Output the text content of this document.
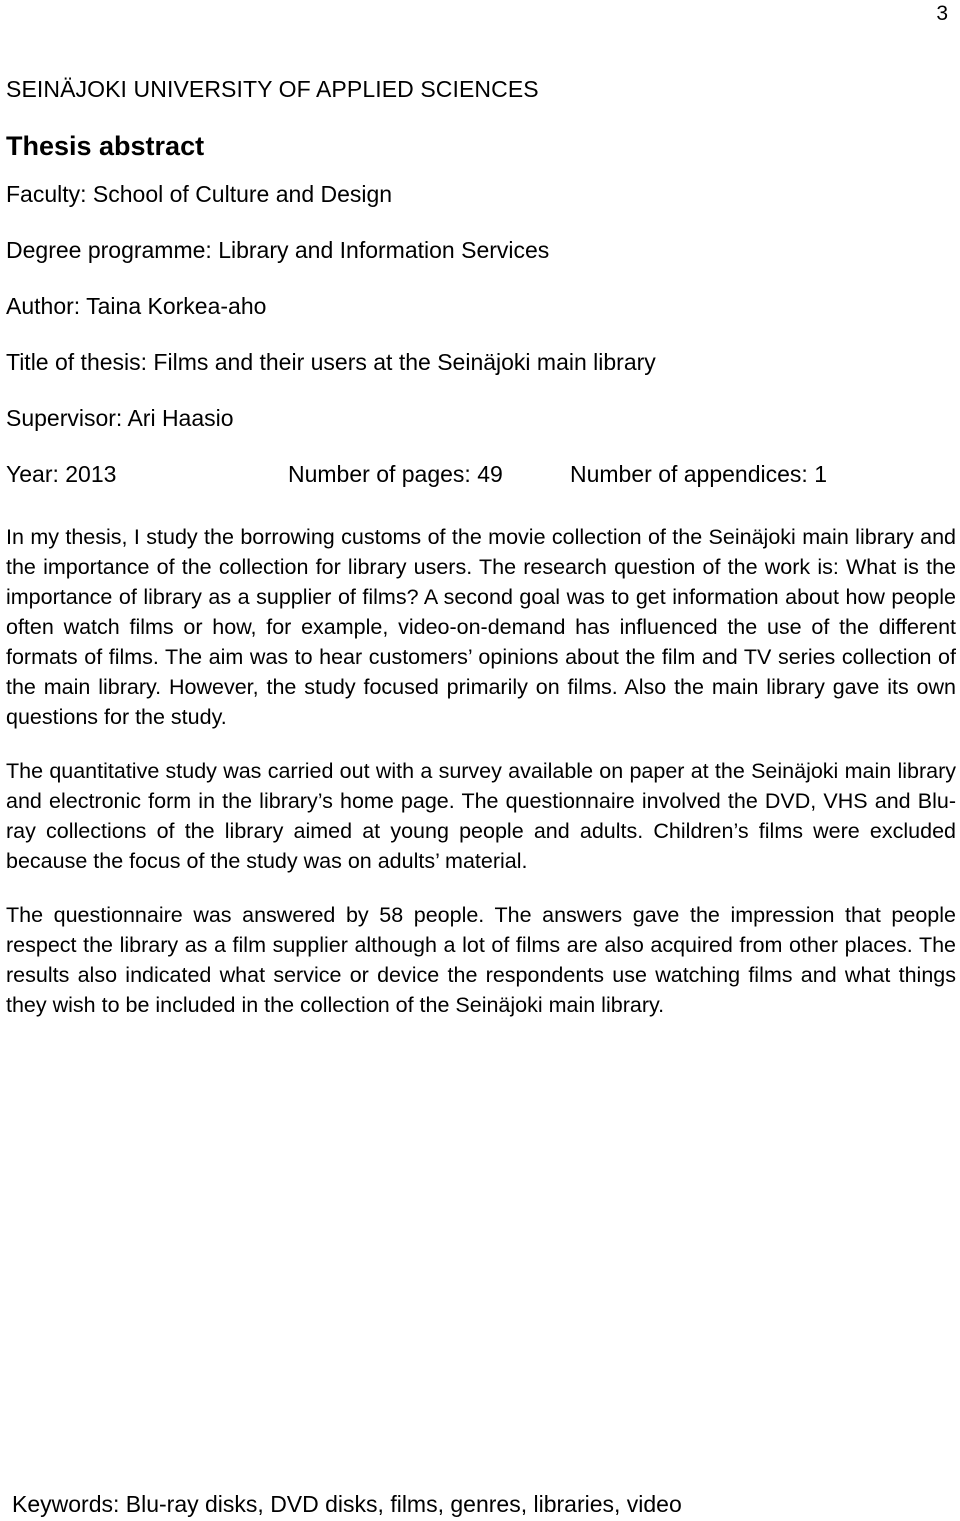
3

SEINÄJOKI UNIVERSITY OF APPLIED SCIENCES

Thesis abstract

Faculty: School of Culture and Design

Degree programme: Library and Information Services

Author: Taina Korkea-aho

Title of thesis: Films and their users at the Seinäjoki main library

Supervisor: Ari Haasio

Year: 2013	Number of pages: 49	Number of appendices: 1

In my thesis, I study the borrowing customs of the movie collection of the Seinäjoki main library and the importance of the collection for library users. The research question of the work is: What is the importance of library as a supplier of films? A second goal was to get information about how people often watch films or how, for example, video-on-demand has influenced the use of the different formats of films. The aim was to hear customers’ opinions about the film and TV series collection of the main library. However, the study focused primarily on films. Also the main library gave its own questions for the study.

The quantitative study was carried out with a survey available on paper at the Seinäjoki main library and electronic form in the library’s home page. The questionnaire involved the DVD, VHS and Blu-ray collections of the library aimed at young people and adults. Children’s films were excluded because the focus of the study was on adults’ material.

The questionnaire was answered by 58 people. The answers gave the impression that people respect the library as a film supplier although a lot of films are also acquired from other places. The results also indicated what service or device the respondents use watching films and what things they wish to be included in the collection of the Seinäjoki main library.

Keywords: Blu-ray disks, DVD disks, films, genres, libraries, video
